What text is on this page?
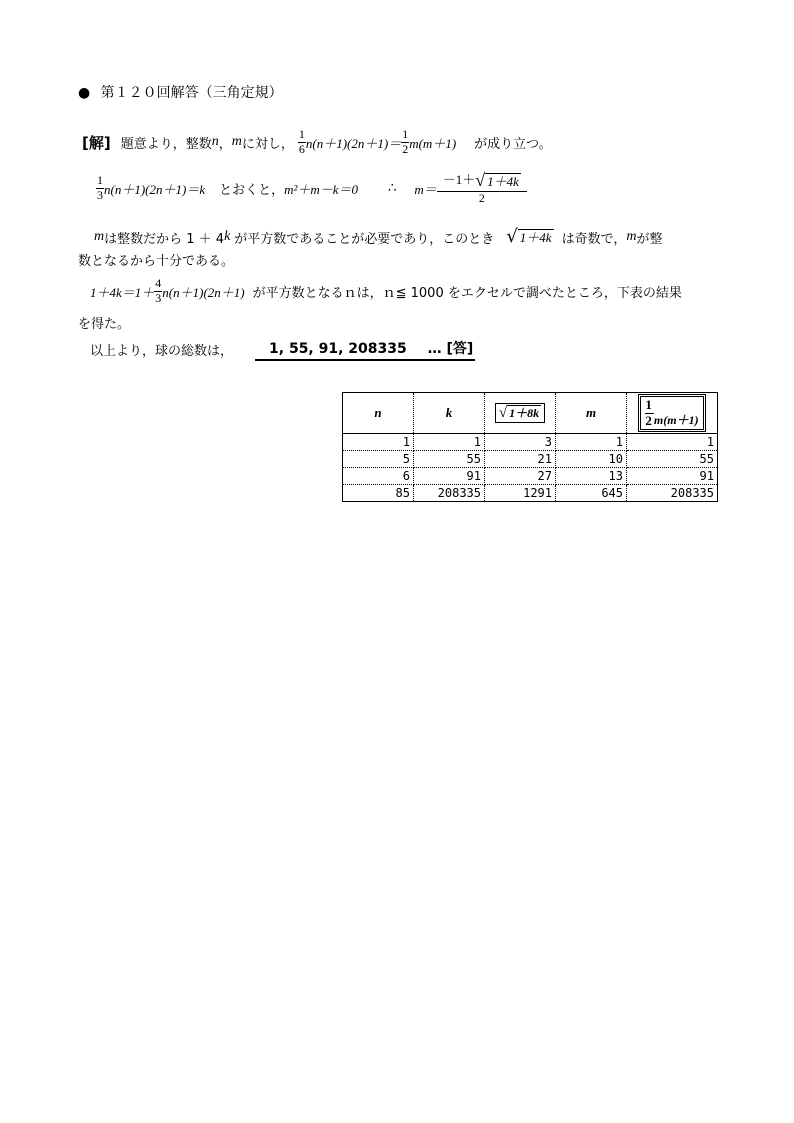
● 第１２０回解答（三角定規）
[解] 題意より，整数 n ， m に対し， $\frac{1}{6} n(n+1)(2n+1)= \frac{1}{2} m(m+1)$ が成り立つ。
$\frac{1}{3} n(n+1)(2n+1)=k$ とおくと， m²＋m－k＝0 ∴ $m= \frac{-1+ √ 1+4k}{2}$
m は整数だから 1 ＋ 4 k が平方数であることが必要であり，このとき √ 1＋4k は奇数で， m が整
数となるから十分である。
$1+4k=1+ \frac{4}{3} n(n+1)(2n+1)$ が平方数となるｎは，ｎ≦ 1000 をエクセルで調べたところ，下表の結果
を得た。
以上より，球の総数は，	1, 55, 91, 208335 … [答]
n	k	√ 1＋8k	m	1
2 m(m＋1)

1	1	3	1	1
5	55	21	10	55
6	91	27	13	91
85	208335	1291	645	208335
